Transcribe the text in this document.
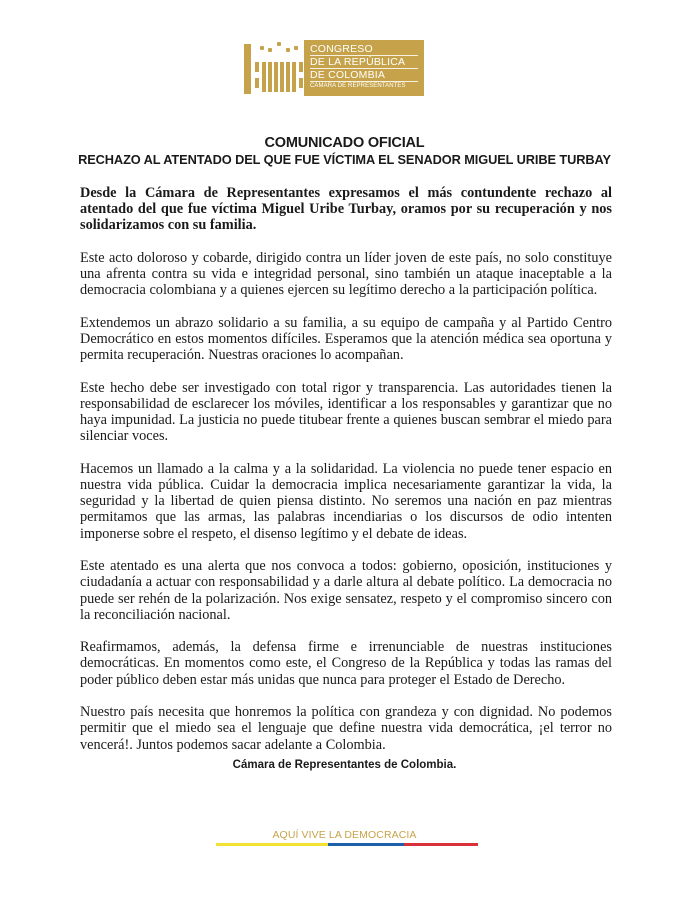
CONGRESO
DE LA REPÚBLICA
DE COLOMBIA
CÁMARA DE REPRESENTANTES
COMUNICADO OFICIAL
RECHAZO AL ATENTADO DEL QUE FUE VÍCTIMA EL SENADOR MIGUEL URIBE TURBAY

Desde la Cámara de Representantes expresamos el más contundente rechazo al atentado del que fue víctima Miguel Uribe Turbay, oramos por su recuperación y nos solidarizamos con su familia.

Este acto doloroso y cobarde, dirigido contra un líder joven de este país, no solo constituye una afrenta contra su vida e integridad personal, sino también un ataque inaceptable a la democracia colombiana y a quienes ejercen su legítimo derecho a la participación política.

Extendemos un abrazo solidario a su familia, a su equipo de campaña y al Partido Centro Democrático en estos momentos difíciles. Esperamos que la atención médica sea oportuna y permita recuperación. Nuestras oraciones lo acompañan.

Este hecho debe ser investigado con total rigor y transparencia. Las autoridades tienen la responsabilidad de esclarecer los móviles, identificar a los responsables y garantizar que no haya impunidad. La justicia no puede titubear frente a quienes buscan sembrar el miedo para silenciar voces.

Hacemos un llamado a la calma y a la solidaridad. La violencia no puede tener espacio en nuestra vida pública. Cuidar la democracia implica necesariamente garantizar la vida, la seguridad y la libertad de quien piensa distinto. No seremos una nación en paz mientras permitamos que las armas, las palabras incendiarias o los discursos de odio intenten imponerse sobre el respeto, el disenso legítimo y el debate de ideas.

Este atentado es una alerta que nos convoca a todos: gobierno, oposición, instituciones y ciudadanía a actuar con responsabilidad y a darle altura al debate político. La democracia no puede ser rehén de la polarización. Nos exige sensatez, respeto y el compromiso sincero con la reconciliación nacional.

Reafirmamos, además, la defensa firme e irrenunciable de nuestras instituciones democráticas. En momentos como este, el Congreso de la República y todas las ramas del poder público deben estar más unidas que nunca para proteger el Estado de Derecho.

Nuestro país necesita que honremos la política con grandeza y con dignidad. No podemos permitir que el miedo sea el lenguaje que define nuestra vida democrática, ¡el terror no vencerá!. Juntos podemos sacar adelante a Colombia.

Cámara de Representantes de Colombia.
AQUÍ VIVE LA DEMOCRACIA
